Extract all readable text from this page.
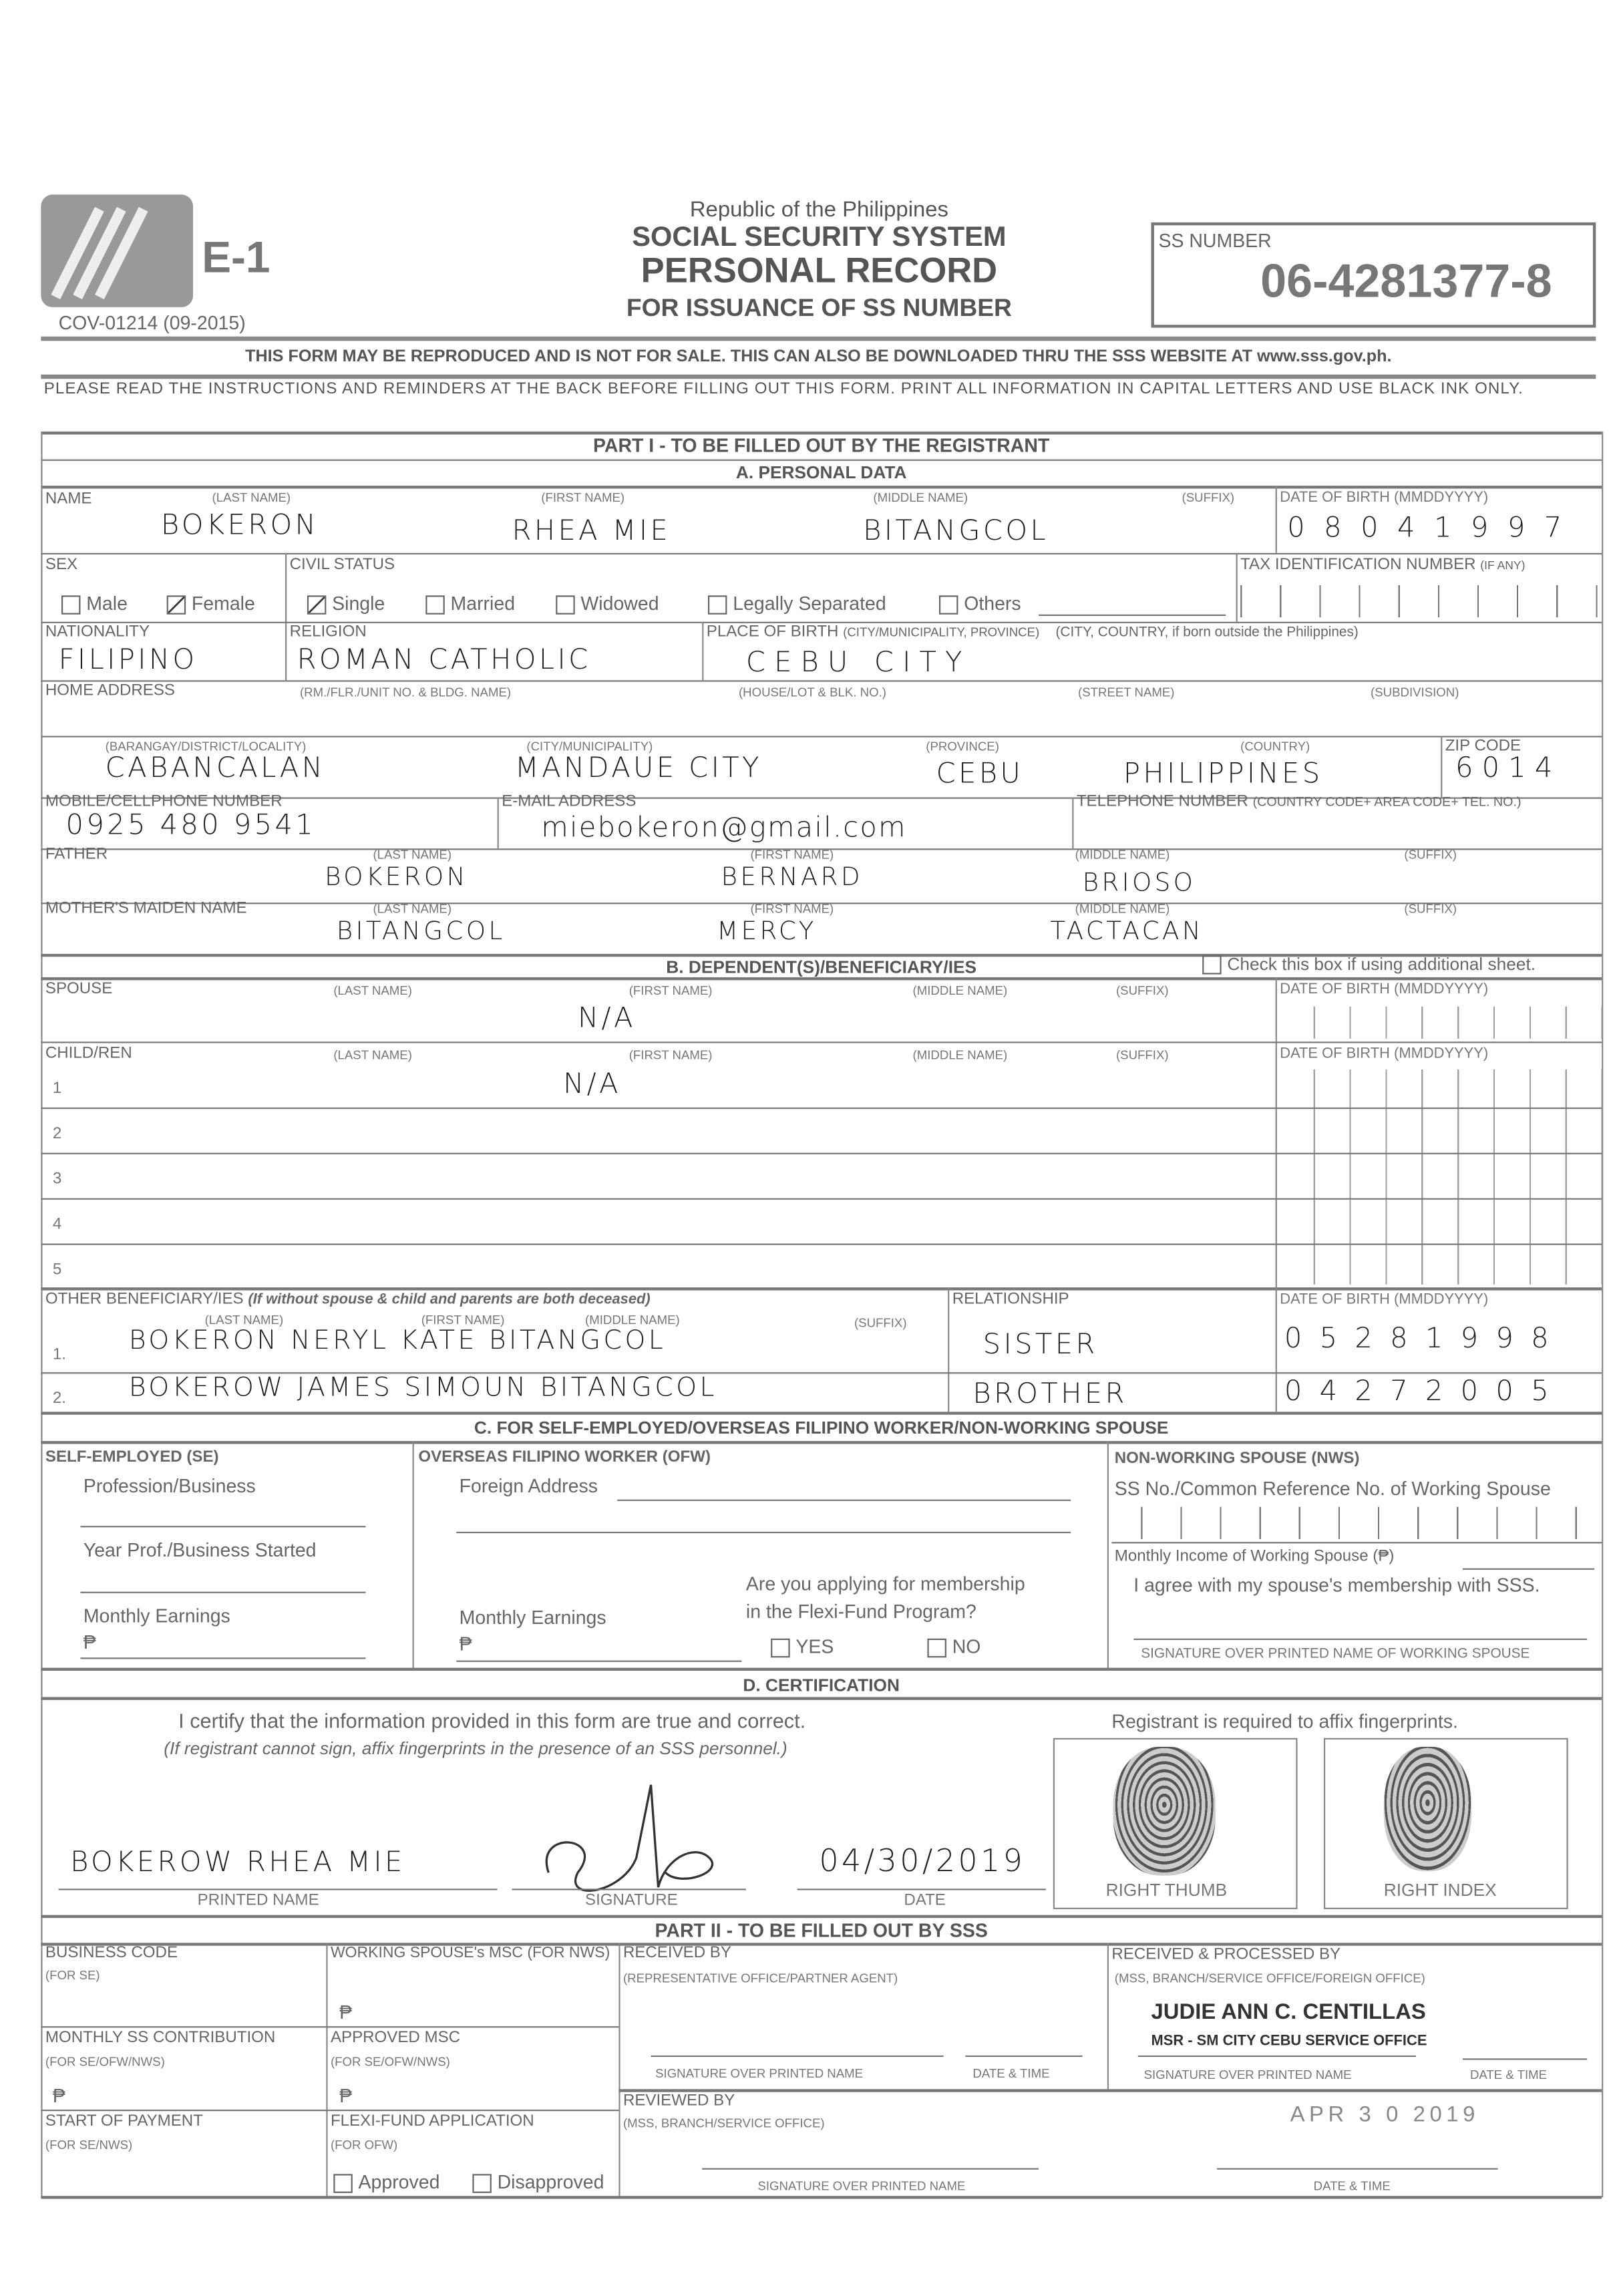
E-1
COV-01214 (09-2015)
Republic of the Philippines
SOCIAL SECURITY SYSTEM
PERSONAL RECORD
FOR ISSUANCE OF SS NUMBER
SS NUMBER
06-4281377-8
THIS FORM MAY BE REPRODUCED AND IS NOT FOR SALE. THIS CAN ALSO BE DOWNLOADED THRU THE SSS WEBSITE AT www.sss.gov.ph.
PLEASE READ THE INSTRUCTIONS AND REMINDERS AT THE BACK BEFORE FILLING OUT THIS FORM. PRINT ALL INFORMATION IN CAPITAL LETTERS AND USE BLACK INK ONLY.
PART I - TO BE FILLED OUT BY THE REGISTRANT
A. PERSONAL DATA
NAME	(LAST NAME)	(FIRST NAME)	(MIDDLE NAME)	(SUFFIX)
BOKERON	RHEA MIE	BITANGCOL
DATE OF BIRTH (MMDDYYYY)
08041997
SEX
Male	Female
CIVIL STATUS
Single	Married	Widowed	Legally Separated	Others
TAX IDENTIFICATION NUMBER (IF ANY)
NATIONALITY
FILIPINO
RELIGION
ROMAN CATHOLIC
PLACE OF BIRTH (CITY/MUNICIPALITY, PROVINCE)	(CITY, COUNTRY, if born outside the Philippines)
CEBU CITY
HOME ADDRESS	(RM./FLR./UNIT NO. & BLDG. NAME)	(HOUSE/LOT & BLK. NO.)	(STREET NAME)	(SUBDIVISION)
(BARANGAY/DISTRICT/LOCALITY)	(CITY/MUNICIPALITY)	(PROVINCE)	(COUNTRY)	ZIP CODE
CABANCALAN	MANDAUE CITY	CEBU	PHILIPPINES	6014
MOBILE/CELLPHONE NUMBER
0925 480 9541
E-MAIL ADDRESS
miebokeron@gmail.com
TELEPHONE NUMBER (COUNTRY CODE+ AREA CODE+ TEL. NO.)
FATHER	(LAST NAME)	(FIRST NAME)	(MIDDLE NAME)	(SUFFIX)
BOKERON	BERNARD	BRIOSO
MOTHER'S MAIDEN NAME	(LAST NAME)	(FIRST NAME)	(MIDDLE NAME)	(SUFFIX)
BITANGCOL	MERCY	TACTACAN
B. DEPENDENT(S)/BENEFICIARY/IES	Check this box if using additional sheet.
SPOUSE	(LAST NAME)	(FIRST NAME)	(MIDDLE NAME)	(SUFFIX)
N/A
DATE OF BIRTH (MMDDYYYY)
CHILD/REN	(LAST NAME)	(FIRST NAME)	(MIDDLE NAME)	(SUFFIX)	DATE OF BIRTH (MMDDYYYY)
N/A
1
2
3
4
5
OTHER BENEFICIARY/IES (If without spouse & child and parents are both deceased)
(LAST NAME)	(FIRST NAME)	(MIDDLE NAME)	(SUFFIX)
RELATIONSHIP	DATE OF BIRTH (MMDDYYYY)
1.	BOKERON NERYL KATE BITANGCOL	SISTER	05281998
2.	BOKEROW JAMES SIMOUN BITANGCOL	BROTHER	04272005
C. FOR SELF-EMPLOYED/OVERSEAS FILIPINO WORKER/NON-WORKING SPOUSE
SELF-EMPLOYED (SE)
Profession/Business
Year Prof./Business Started
Monthly Earnings
₱
OVERSEAS FILIPINO WORKER (OFW)
Foreign Address
Monthly Earnings
₱
Are you applying for membership
in the Flexi-Fund Program?
YES	NO
NON-WORKING SPOUSE (NWS)
SS No./Common Reference No. of Working Spouse
Monthly Income of Working Spouse (₱)
I agree with my spouse's membership with SSS.
SIGNATURE OVER PRINTED NAME OF WORKING SPOUSE
D. CERTIFICATION
I certify that the information provided in this form are true and correct.
(If registrant cannot sign, affix fingerprints in the presence of an SSS personnel.)
BOKEROW RHEA MIE
PRINTED NAME	SIGNATURE
04/30/2019
DATE
Registrant is required to affix fingerprints.
RIGHT THUMB	RIGHT INDEX
PART II - TO BE FILLED OUT BY SSS
BUSINESS CODE
(FOR SE)
WORKING SPOUSE's MSC (FOR NWS)
₱
MONTHLY SS CONTRIBUTION
(FOR SE/OFW/NWS)
₱
APPROVED MSC
(FOR SE/OFW/NWS)
₱
START OF PAYMENT
(FOR SE/NWS)
FLEXI-FUND APPLICATION
(FOR OFW)
Approved	Disapproved
RECEIVED BY
(REPRESENTATIVE OFFICE/PARTNER AGENT)
SIGNATURE OVER PRINTED NAME	DATE & TIME
RECEIVED & PROCESSED BY
(MSS, BRANCH/SERVICE OFFICE/FOREIGN OFFICE)
JUDIE ANN C. CENTILLAS
MSR - SM CITY CEBU SERVICE OFFICE
SIGNATURE OVER PRINTED NAME	DATE & TIME
REVIEWED BY
(MSS, BRANCH/SERVICE OFFICE)	APR 3 0 2019
SIGNATURE OVER PRINTED NAME	DATE & TIME
